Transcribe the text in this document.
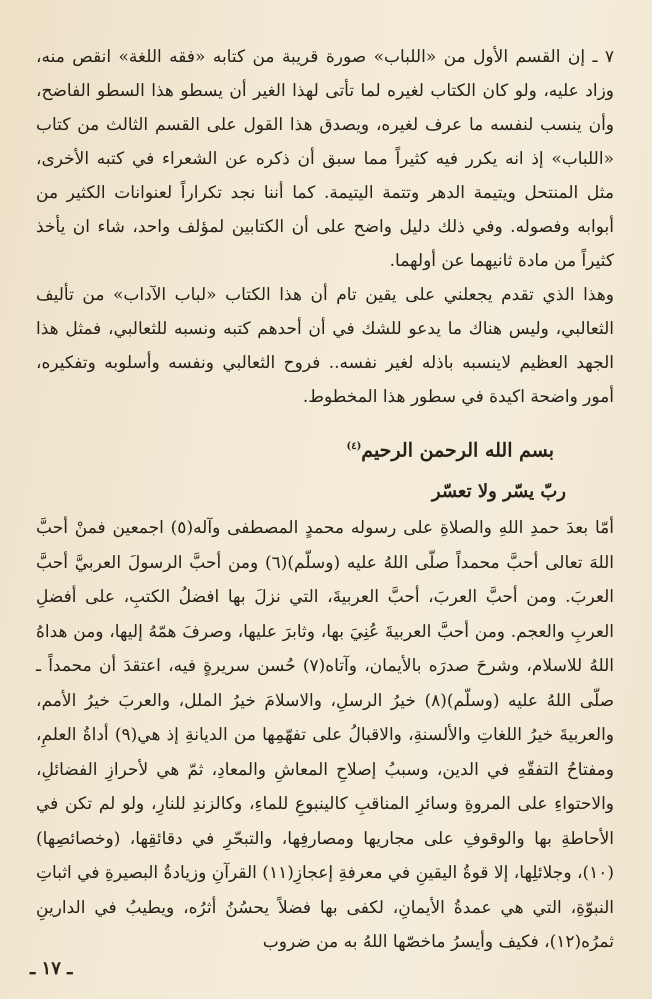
٧ ـ إن القسم الأول من «اللباب» صورة قريبة من كتابه «فقه اللغة» انقص منه، وزاد عليه، ولو كان الكتاب لغيره لما تأتى لهذا الغير أن يسطو هذا السطو الفاضح، وأن ينسب لنفسه ما عرف لغيره، ويصدق هذا القول على القسم الثالث من كتاب «اللباب» إذ انه يكرر فيه كثيراً مما سبق أن ذكره عن الشعراء في كتبه الأخرى، مثل المنتحل ويتيمة الدهر وتتمة اليتيمة. كما أننا نجد تكراراً لعنوانات الكثير من أبوابه وفصوله. وفي ذلك دليل واضح على أن الكتابين لمؤلف واحد، شاء ان يأخذ كثيراً من مادة ثانيهما عن أولهما.

وهذا الذي تقدم يجعلني على يقين تام أن هذا الكتاب «لباب الآداب» من تأليف الثعالبي، وليس هناك ما يدعو للشك في أن أحدهم كتبه ونسبه للثعالبي، فمثل هذا الجهد العظيم لاينسبه باذله لغير نفسه.. فروح الثعالبي ونفسه وأسلوبه وتفكيره، أمور واضحة اكيدة في سطور هذا المخطوط.

بسم الله الرحمن الرحيم$^{(٤)}$
ربّ يسّر ولا تعسّر

أمّا بعدَ حمدِ اللهِ والصلاةِ على رسوله محمدٍ المصطفى وآله(٥) اجمعين فمنْ أحبَّ اللهَ تعالى أحبَّ محمداً صلّى اللهُ عليه (وسلّم)(٦) ومن أحبَّ الرسولَ العربيَّ أحبَّ العربَ. ومن أحبَّ العربَ، أحبَّ العربيةَ، التي نزلَ بها افضلُ الكتبِ، على أفضلِ العربِ والعجم. ومن أحبَّ العربيةَ عُنِيَ بها، وثابرَ عليها، وصرفَ همّهُ إليها، ومن هداهُ اللهُ للاسلام، وشرحَ صدرَه بالأيمان، وآتاه(٧) حُسن سريرةٍ فيه، اعتقدَ أن محمداً ـ صلّى اللهُ عليه (وسلّم)(٨) خيرُ الرسلِ، والاسلامَ خيرُ الملل، والعربَ خيرُ الأمم، والعربيةَ خيرُ اللغاتِ والألسنةِ، والاقبالُ على تفهّمِها من الديانةِ إذ هي(٩) أداةُ العلمِ، ومفتاحُ التفقّهِ في الدين، وسببُ إصلاحِ المعاشِ والمعادِ، ثمّ هي لأحرازِ الفضائلِ، والاحتواءِ على المروةِ وسائرِ المناقبِ كالينبوعِ للماءِ، وكالزندِ للنارِ، ولو لم تكن في الأحاطةِ بها والوقوفِ على مجاريها ومصارفِها، والتبحّرِ في دقائقِها، (وخصائصِها)(١٠)، وجلائلِها، إلا قوةُ اليقينِ في معرفةِ إعجازِ(١١) القرآنِ وزيادةُ البصيرةِ في اثباتِ النبوّةِ، التي هي عمدةُ الأيمانِ، لكفى بها فضلاً يحسُنُ أثرُه، ويطيبُ في الدارينِ ثمرُه(١٢)، فكيف وأيسرُ ماخصّها اللهُ به من ضروب

ـ ١٧ ـ
